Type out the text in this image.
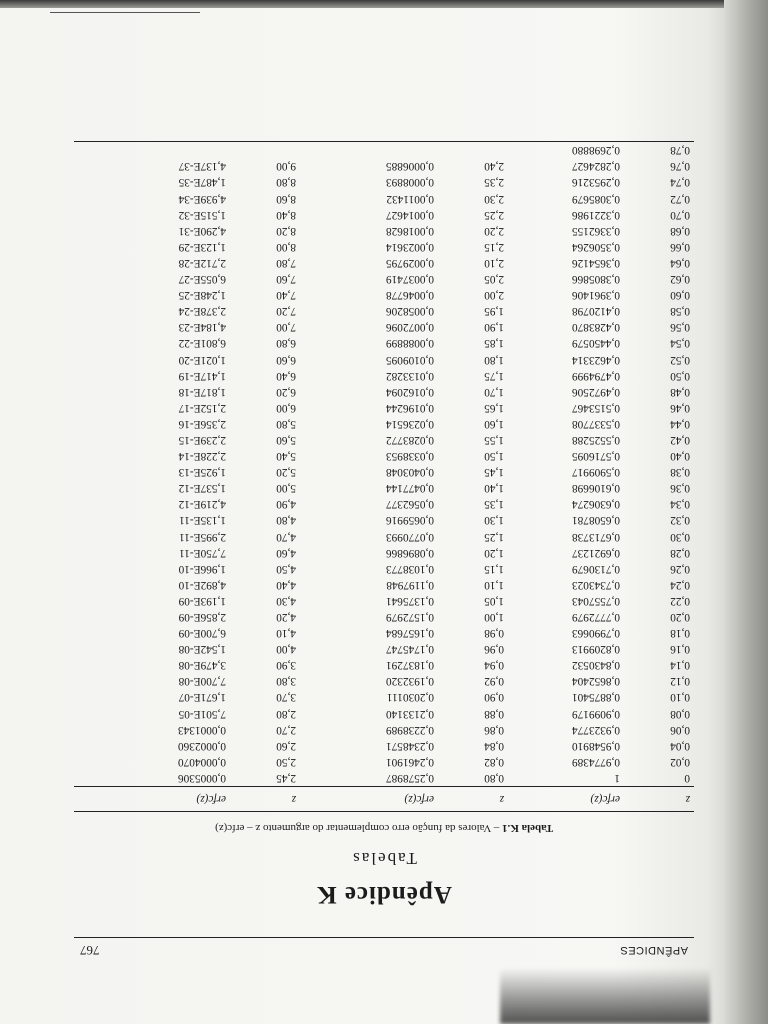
APÊNDICES
767
Apêndice K
Tabelas
Tabela K.1 – Valores da função erro complementar do argumento z – erfc(z)
z	erfc(z)	z	erfc(z)	z	erfc(z)
0	1	0,80	0,2578987	2,45	0,0005306
0,02	0,9774389	0,82	0,2461901	2,50	0,0004070
0,04	0,9548910	0,84	0,2348571	2,60	0,0002360
0,06	0,9323774	0,86	0,2238989	2,70	0,0001343
0,08	0,9099179	0,88	0,2133140	2,80	7,501E-05
0,10	0,8875401	0,90	0,2030111	3,70	1,671E-07
0,12	0,8652404	0,92	0,1932320	3,80	7,700E-08
0,14	0,8430532	0,94	0,1837291	3,90	3,479E-08
0,16	0,8209913	0,96	0,1745747	4,00	1,542E-08
0,18	0,7990663	0,98	0,1657684	4,10	6,700E-09
0,20	0,7772979	1,00	0,1572979	4,20	2,856E-09
0,22	0,7557043	1,05	0,1375641	4,30	1,193E-09
0,24	0,7343023	1,10	0,1197948	4,40	4,892E-10
0,26	0,7130679	1,15	0,1038773	4,50	1,966E-10
0,28	0,6921237	1,20	0,0896866	4,60	7,750E-11
0,30	0,6713738	1,25	0,0770993	4,70	2,995E-11
0,32	0,6508781	1,30	0,0659916	4,80	1,135E-11
0,34	0,6306274	1,35	0,0562377	4,90	4,219E-12
0,36	0,6106698	1,40	0,0477144	5,00	1,537E-12
0,38	0,5909917	1,45	0,0403048	5,20	1,925E-13
0,40	0,5716095	1,50	0,0338953	5,40	2,228E-14
0,42	0,5525288	1,55	0,0283772	5,60	2,239E-15
0,44	0,5337708	1,60	0,0236514	5,80	2,356E-16
0,46	0,5153467	1,65	0,0196244	6,00	2,152E-17
0,48	0,4972506	1,70	0,0162094	6,20	1,817E-18
0,50	0,4794999	1,75	0,0133282	6,40	1,417E-19
0,52	0,4623314	1,80	0,0109095	6,60	1,021E-20
0,54	0,4450579	1,85	0,0088899	6,80	6,801E-22
0,56	0,4283870	1,90	0,0072096	7,00	4,184E-23
0,58	0,4120798	1,95	0,0058206	7,20	2,378E-24
0,60	0,3961406	2,00	0,0046778	7,40	1,248E-25
0,62	0,3805866	2,05	0,0037419	7,60	6,055E-27
0,64	0,3654126	2,10	0,0029795	7,80	2,712E-28
0,66	0,3506264	2,15	0,0023614	8,00	1,123E-29
0,68	0,3362155	2,20	0,0018628	8,20	4,290E-31
0,70	0,3221986	2,25	0,0014627	8,40	1,515E-32
0,72	0,3085679	2,30	0,0011432	8,60	4,939E-34
0,74	0,2953216	2,35	0,0008893	8,80	1,487E-35
0,76	0,2824627	2,40	0,0006885	9,00	4,137E-37
0,78	0,2698880				
